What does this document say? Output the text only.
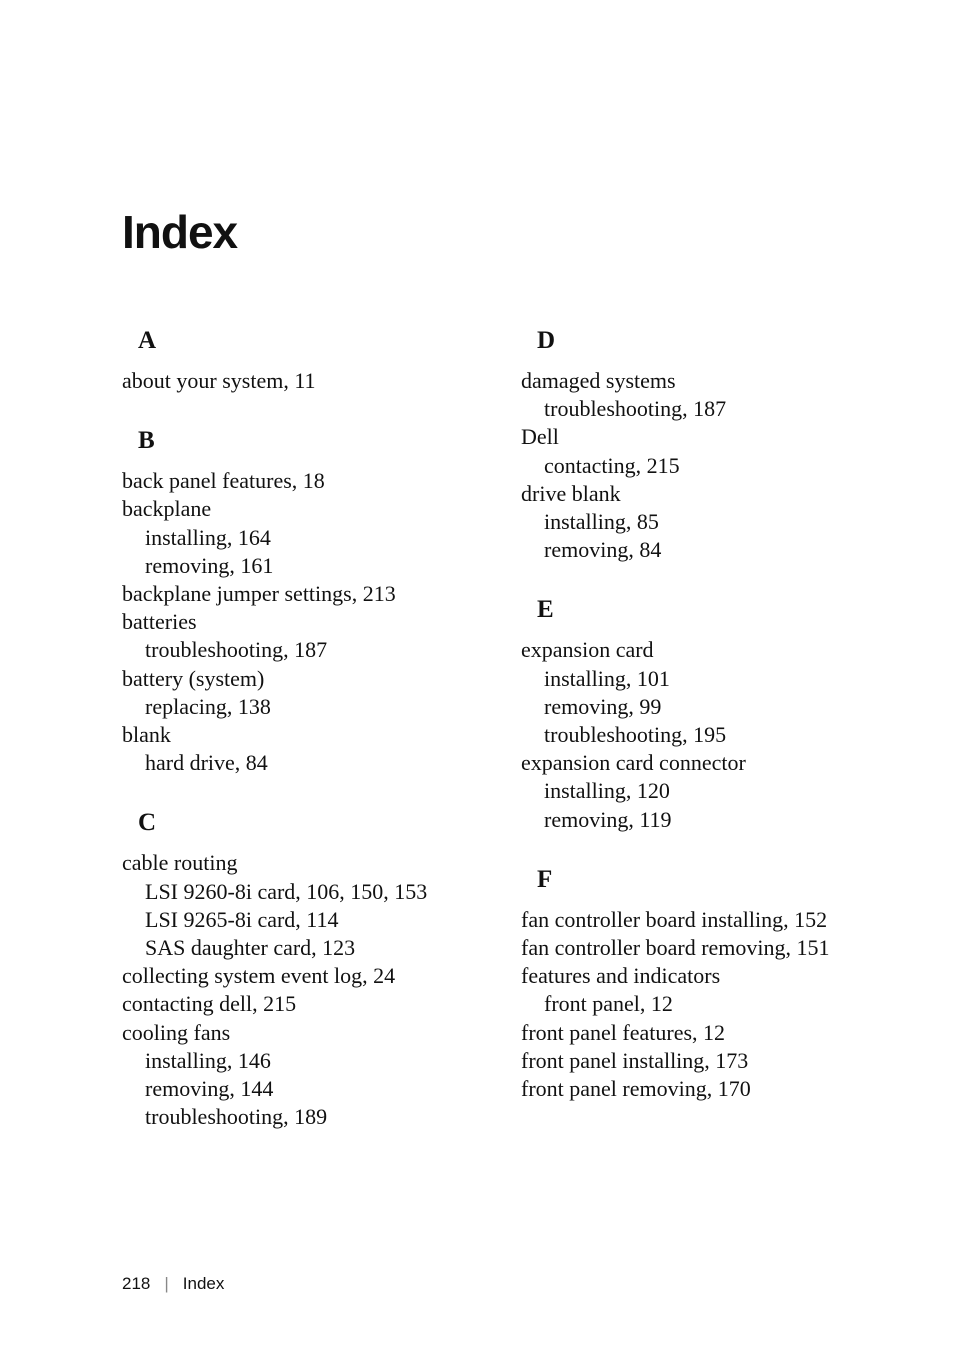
Index
A
about your system, 11
B
back panel features, 18
backplane
installing, 164
removing, 161
backplane jumper settings, 213
batteries
troubleshooting, 187
battery (system)
replacing, 138
blank
hard drive, 84
C
cable routing
LSI 9260-8i card, 106, 150, 153
LSI 9265-8i card, 114
SAS daughter card, 123
collecting system event log, 24
contacting dell, 215
cooling fans
installing, 146
removing, 144
troubleshooting, 189
D
damaged systems
troubleshooting, 187
Dell
contacting, 215
drive blank
installing, 85
removing, 84
E
expansion card
installing, 101
removing, 99
troubleshooting, 195
expansion card connector
installing, 120
removing, 119
F
fan controller board installing, 152
fan controller board removing, 151
features and indicators
front panel, 12
front panel features, 12
front panel installing, 173
front panel removing, 170
218 | Index
